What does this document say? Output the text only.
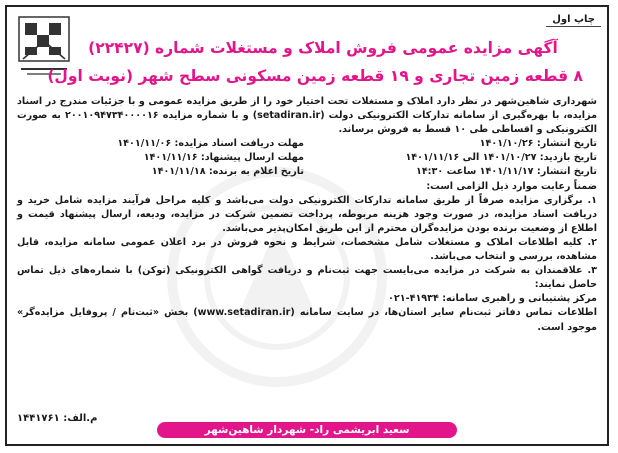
چاپ اول
آگهی مزایده عمومی فروش املاک و مستغلات شماره (۲۲۴۲۷)
۸ قطعه زمین تجاری و ۱۹ قطعه زمین مسکونی سطح شهر (نوبت اول)

شهرداری شاهین‌شهر در نظر دارد املاک و مستغلات تحت اختیار خود را از طریق مزایده عمومی و با جزئیات مندرج در اسناد مزایده، با بهره‌گیری از سامانه تدارکات الکترونیکی دولت (setadiran.ir) و با شماره مزایده ۲۰۰۱۰۹۴۷۳۴۰۰۰۰۱۶ به صورت الکترونیکی و اقساطی طی ۱۰ قسط به فروش برساند.

تاریخ انتشار: ۱۴۰۱/۱۰/۲۶
مهلت دریافت اسناد مزایده: ۱۴۰۱/۱۱/۰۶
تاریخ بازدید: ۱۴۰۱/۱۰/۲۷ الی ۱۴۰۱/۱۱/۱۶
مهلت ارسال پیشنهاد: ۱۴۰۱/۱۱/۱۶
تاریخ انتشار: ۱۴۰۱/۱۱/۱۷ ساعت ۱۴:۳۰
تاریخ اعلام به برنده: ۱۴۰۱/۱۱/۱۸

ضمناً رعایت موارد ذیل الزامی است:

۱. برگزاری مزایده صرفاً از طریق سامانه تدارکات الکترونیکی دولت می‌باشد و کلیه مراحل فرآیند مزایده شامل خرید و دریافت اسناد مزایده، در صورت وجود هزینه مربوطه، پرداخت تضمین شرکت در مزایده، ودیعه، ارسال پیشنهاد قیمت و اطلاع از وضعیت برنده بودن مزایده‌گران محترم از این طریق امکان‌پذیر می‌باشد.

۲. کلیه اطلاعات املاک و مستغلات شامل مشخصات، شرایط و نحوه فروش در برد اعلان عمومی سامانه مزایده، قابل مشاهده، بررسی و انتخاب می‌باشد.

۳. علاقمندان به شرکت در مزایده می‌بایست جهت ثبت‌نام و دریافت گواهی الکترونیکی (توکن) با شماره‌های ذیل تماس حاصل نمایند:

مرکز پشتیبانی و راهبری سامانه: ۴۱۹۳۴-۰۲۱

اطلاعات تماس دفاتر ثبت‌نام سایر استان‌ها، در سایت سامانه (www.setadiran.ir) بخش «ثبت‌نام / پروفایل مزایده‌گر» موجود است.

م.الف: ۱۴۴۱۷۶۱
سعید ابریشمی راد- شهردار شاهین‌شهر
